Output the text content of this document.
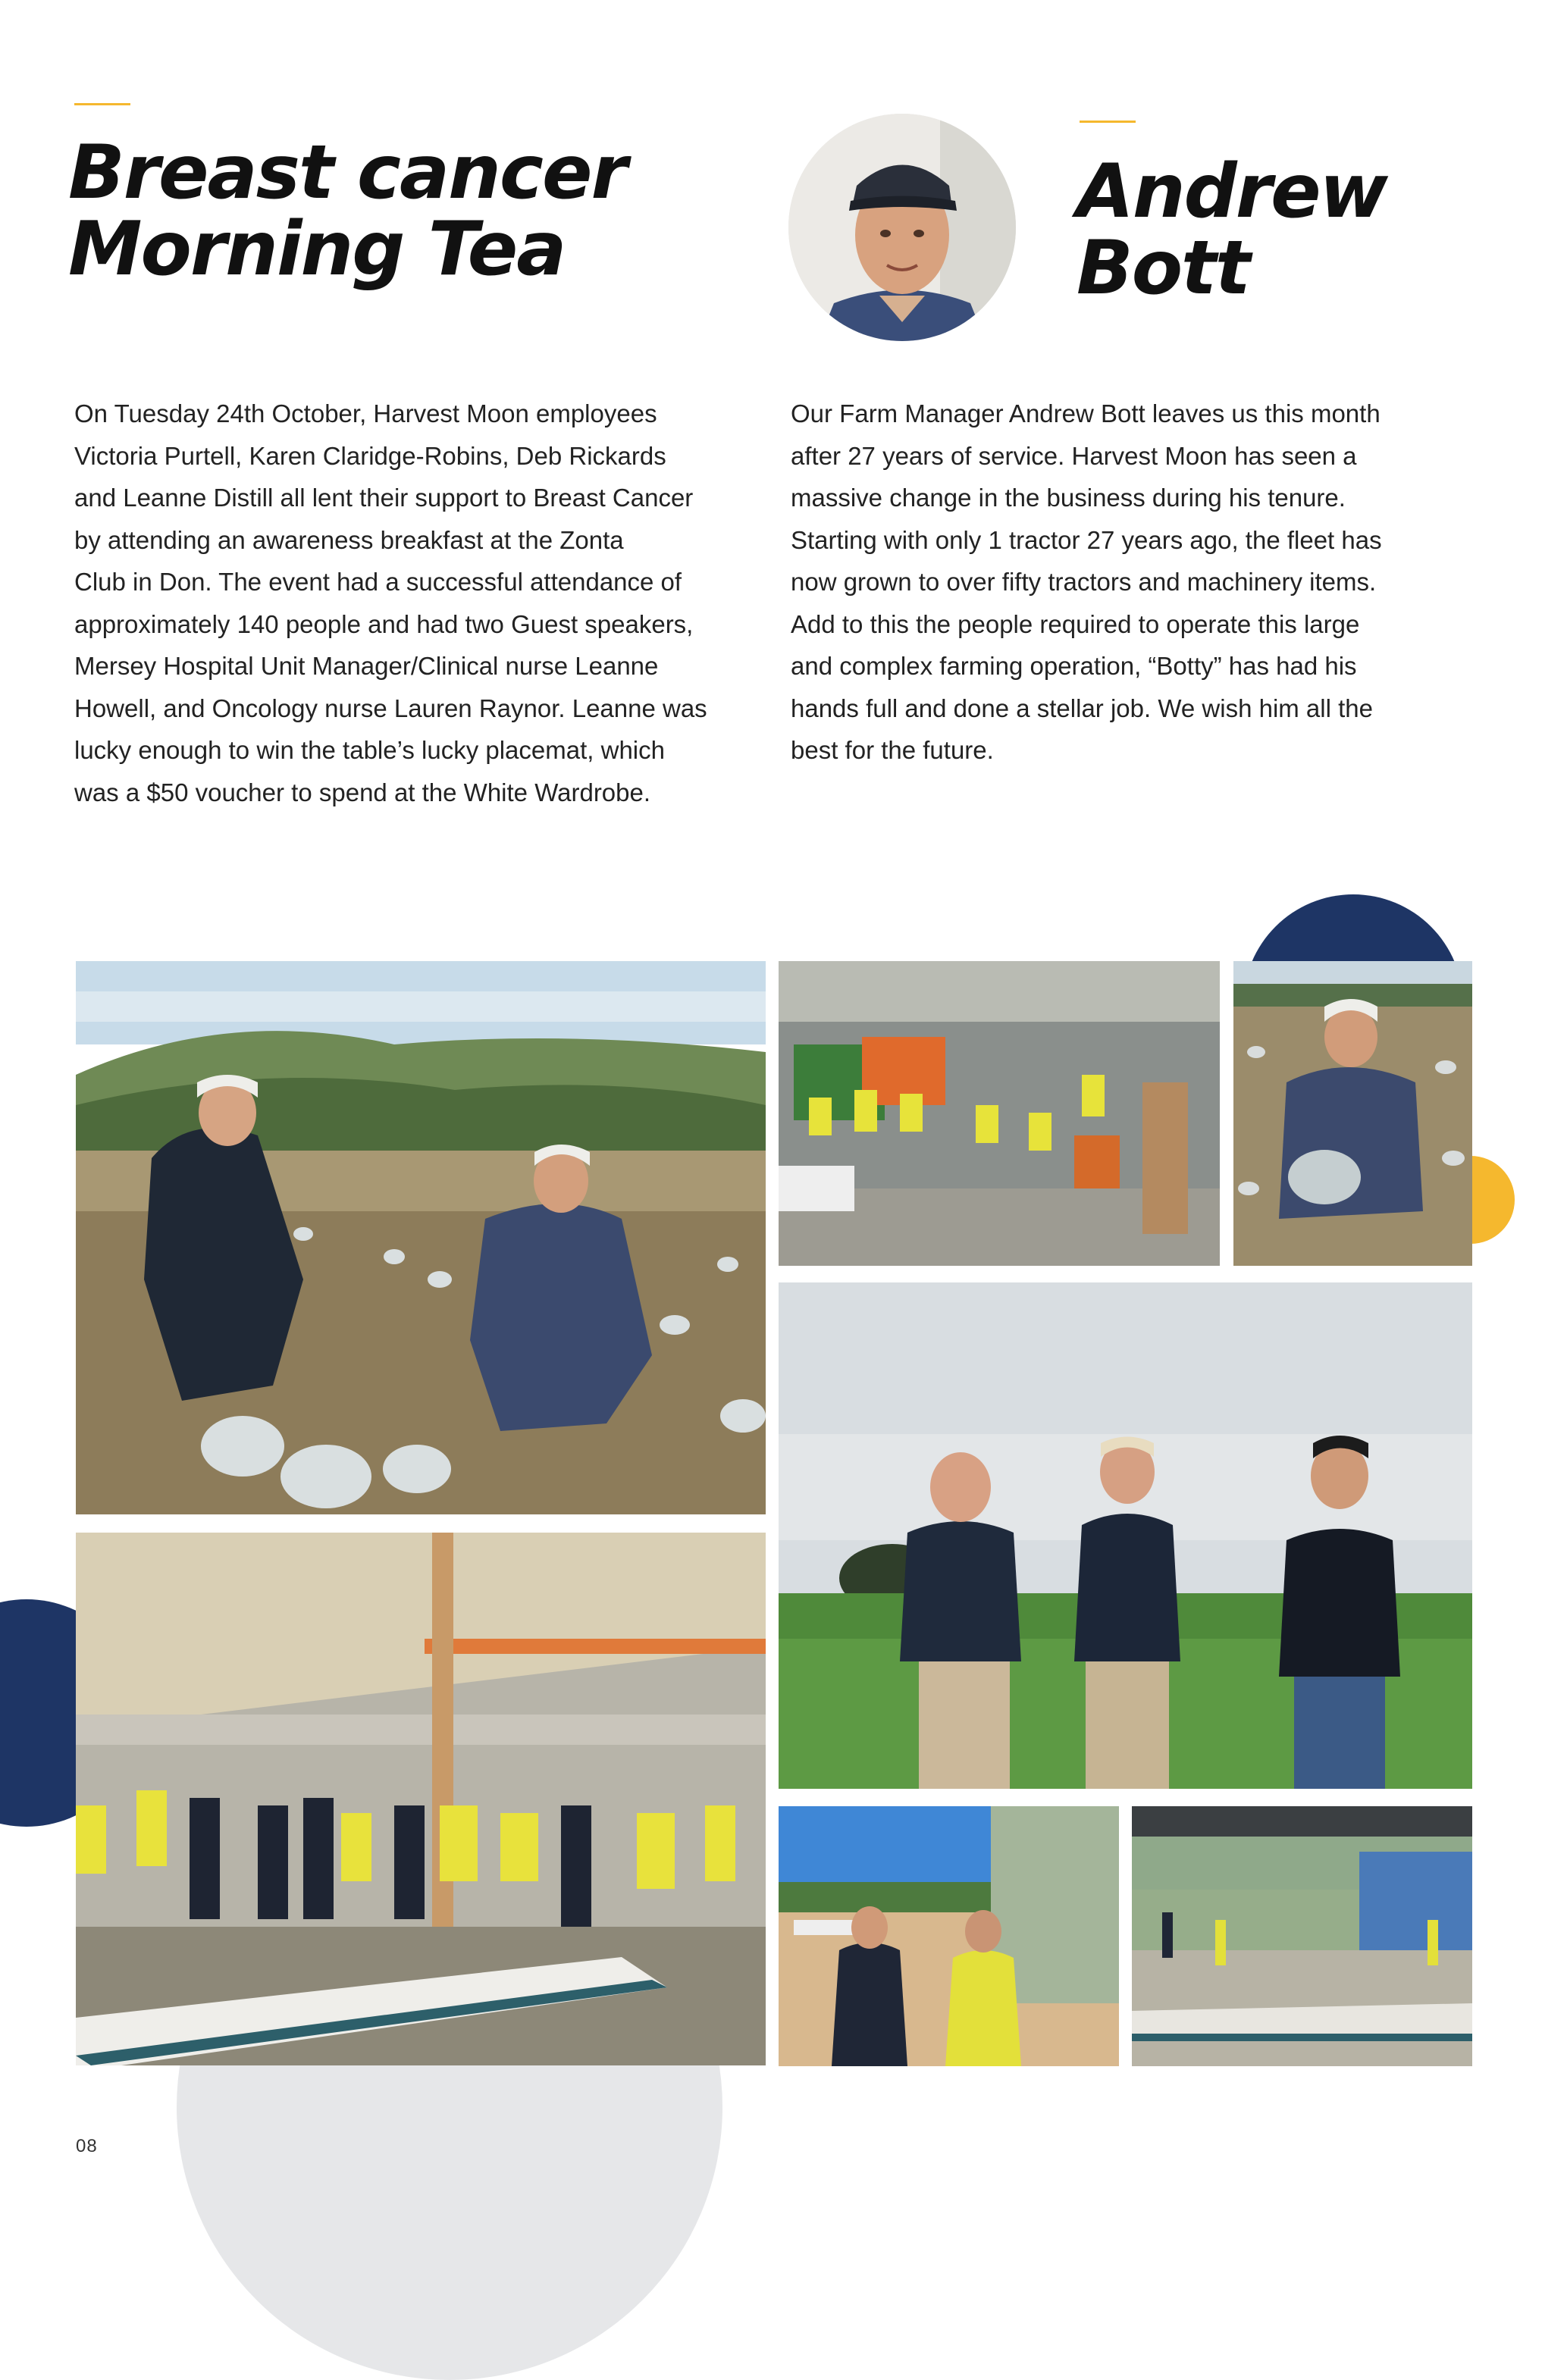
Breast cancer
Morning Tea
On Tuesday 24th October, Harvest Moon employees
Victoria Purtell, Karen Claridge-Robins, Deb Rickards
and Leanne Distill all lent their support to Breast Cancer
by attending an awareness breakfast at the Zonta
Club in Don. The event had a successful attendance of
approximately 140 people and had two Guest speakers,
Mersey Hospital Unit Manager/Clinical nurse Leanne
Howell, and Oncology nurse Lauren Raynor. Leanne was
lucky enough to win the table’s lucky placemat, which
was a $50 voucher to spend at the White Wardrobe.
Andrew
Bott
Our Farm Manager Andrew Bott leaves us this month
after 27 years of service. Harvest Moon has seen a
massive change in the business during his tenure.
Starting with only 1 tractor 27 years ago, the fleet has
now grown to over fifty tractors and machinery items.
Add to this the people required to operate this large
and complex farming operation, “Botty” has had his
hands full and done a stellar job. We wish him all the
best for the future.
08
